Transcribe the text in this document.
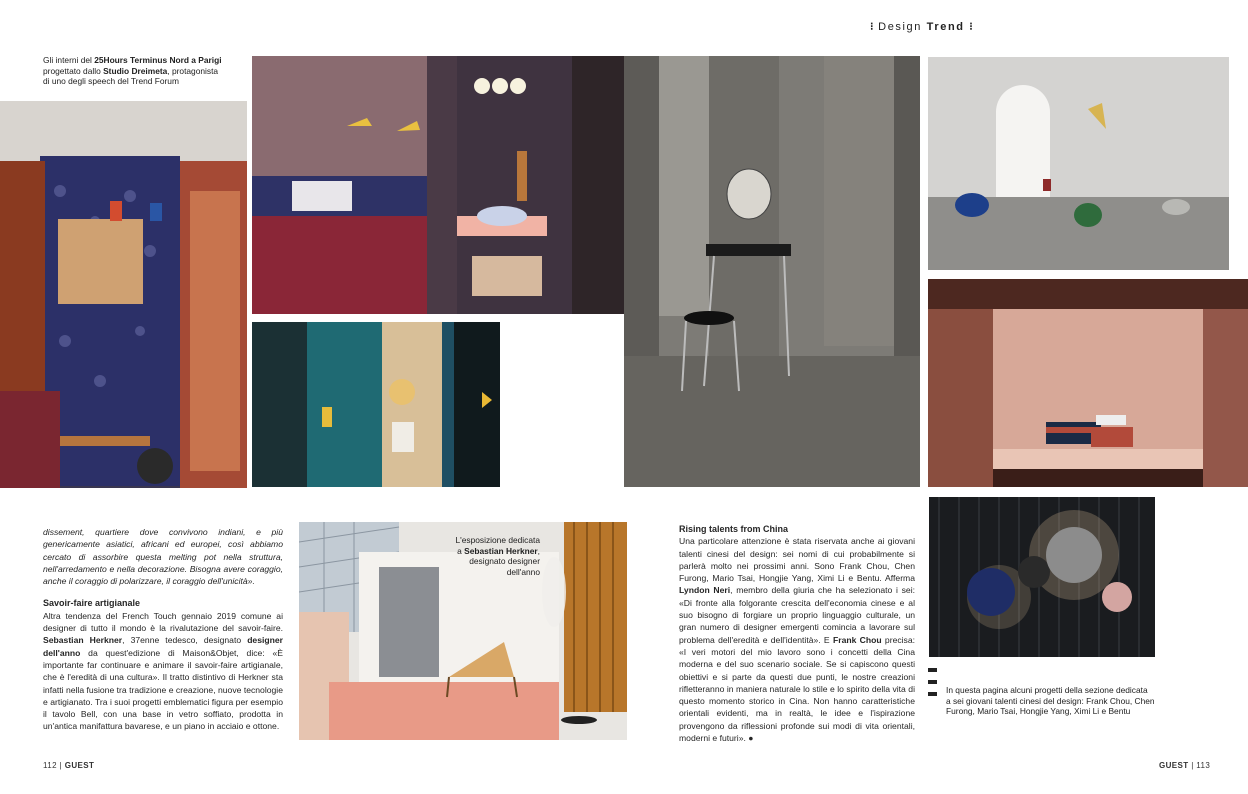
⁝ Design Trend ⁝
Gli interni del 25Hours Terminus Nord a Parigi
progettato dallo Studio Dreimeta, protagonista
di uno degli speech del Trend Forum
L'esposizione dedicata
a Sebastian Herkner,
designato designer
dell'anno

dissement, quartiere dove convivono indiani, e più genericamente asiatici, africani ed europei, così abbiamo cercato di assorbire questa melting pot nella struttura, nell'arredamento e nella decorazione. Bisogna avere coraggio, anche il coraggio di polarizzare, il coraggio dell'unicità».

Savoir-faire artigianale

Altra tendenza del French Touch gennaio 2019 comune ai designer di tutto il mondo è la rivalutazione del savoir-faire. Sebastian Herkner, 37enne tedesco, designato designer dell'anno da quest'edizione di Maison&Objet, dice: «È importante far continuare e animare il savoir-faire artigianale, che è l'eredità di una cultura». Il tratto distintivo di Herkner sta infatti nella fusione tra tradizione e creazione, nuove tecnologie e artigianato. Tra i suoi progetti emblematici figura per esempio il tavolo Bell, con una base in vetro soffiato, prodotta in un'antica manifattura bavarese, e un piano in acciaio e ottone.

Rising talents from China

Una particolare attenzione è stata riservata anche ai giovani talenti cinesi del design: sei nomi di cui probabilmente si parlerà molto nei prossimi anni. Sono Frank Chou, Chen Furong, Mario Tsai, Hongjie Yang, Ximi Li e Bentu. Afferma Lyndon Neri, membro della giuria che ha selezionato i sei: «Di fronte alla folgorante crescita dell'economia cinese e al suo bisogno di forgiare un proprio linguaggio culturale, un gran numero di designer emergenti comincia a lavorare sul problema dell'eredità e dell'identità». E Frank Chou precisa: «I veri motori del mio lavoro sono i concetti della Cina moderna e del suo scenario sociale. Se si capiscono questi obiettivi e si parte da questi due punti, le nostre creazioni rifletteranno in maniera naturale lo stile e lo spirito della vita di questo momento storico in Cina. Non hanno caratteristiche orientali evidenti, ma in realtà, le idee e l'ispirazione provengono da riflessioni profonde sui modi di vita orientali, moderni e futuri». ●

In questa pagina alcuni progetti della sezione dedicata
a sei giovani talenti cinesi del design: Frank Chou, Chen
Furong, Mario Tsai, Hongjie Yang, Ximi Li e Bentu
112 | GUEST	GUEST | 113
